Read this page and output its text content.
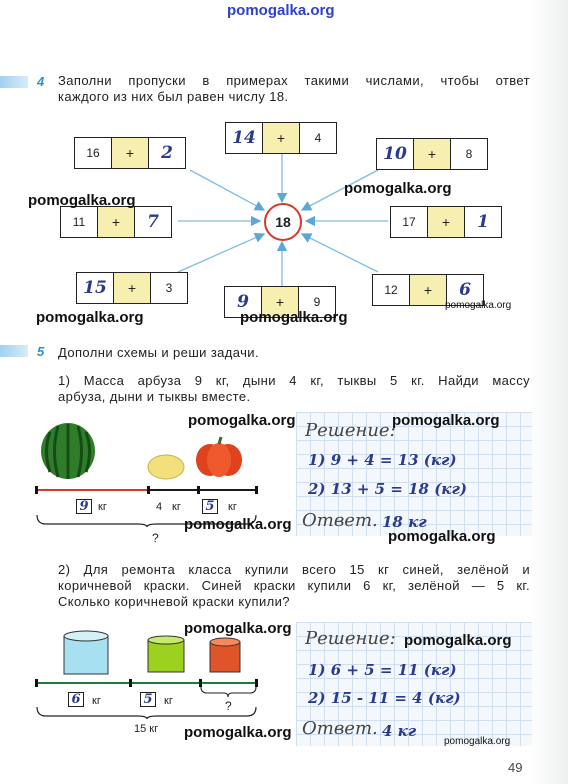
pomogalka.org
4 Заполни пропуски в примерах такими числами, чтобы ответ
каждого из них был равен числу 18.
18
16	+	2
14	+	4
10	+	8
11	+	7	17	+	1
15	+	3
9	+	9
12	+	6
pomogalka.org
pomogalka.org
pomogalka.org	pomogalka.org
pomogalka.org
5 Дополни схемы и реши задачи.
1) Масса арбуза 9 кг, дыни 4 кг, тыквы 5 кг. Найди массу
арбуза, дыни и тыквы вместе.
9 кг	4 кг 5	кг
?
Решение:
1) 9 + 4 = 13 (кг)
2) 13 + 5 = 18 (кг)
Ответ. 18 кг
pomogalka.org	pomogalka.org
pomogalka.org
pomogalka.org
2) Для ремонта класса купили всего 15 кг синей, зелёной и
коричневой краски. Синей краски купили 6 кг, зелёной — 5 кг.
Сколько коричневой краски купили?
6	кг	5	кг	?
15 кг
Решение:
1) 6 + 5 = 11 (кг)
2) 15 - 11 = 4 (кг)
Ответ. 4 кг
pomogalka.org
pomogalka.org
pomogalka.org
pomogalka.org
49
